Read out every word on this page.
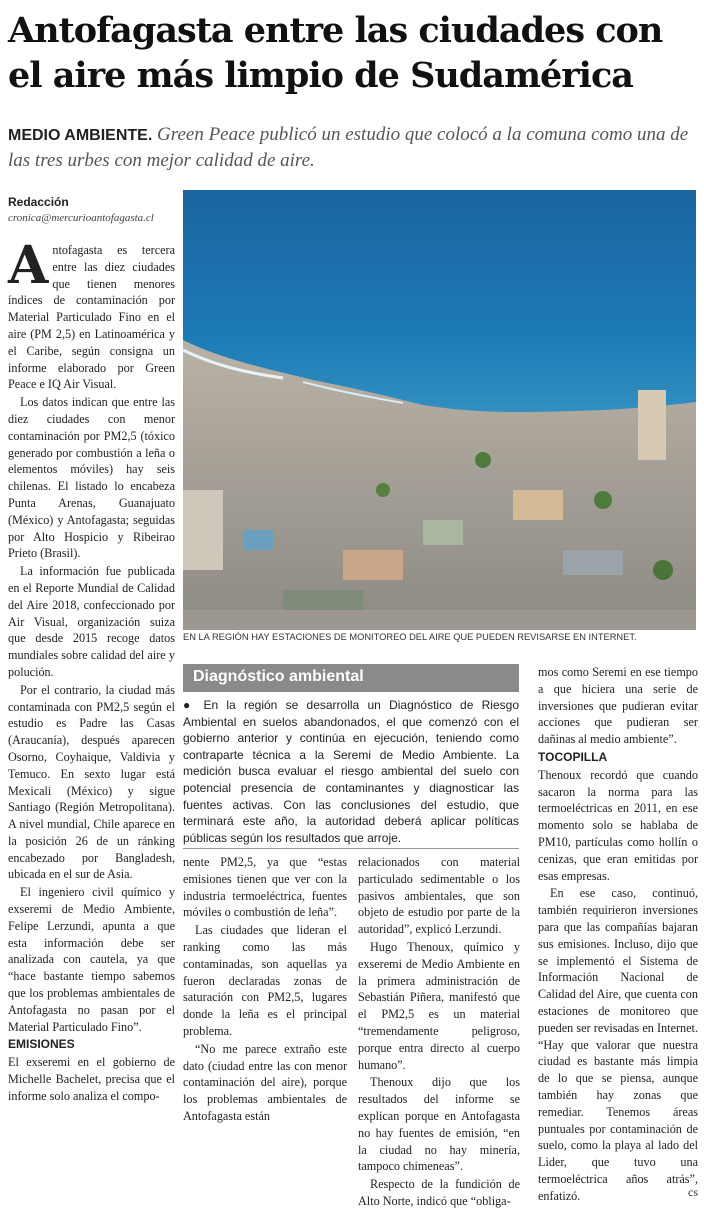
Antofagasta entre las ciudades con el aire más limpio de Sudamérica
MEDIO AMBIENTE. Green Peace publicó un estudio que colocó a la comuna como una de las tres urbes con mejor calidad de aire.
Redacción
cronica@mercurioantofagasta.cl

Antofagasta es tercera entre las diez ciudades que tienen menores índices de contaminación por Material Particulado Fino en el aire (PM 2,5) en Latinoamérica y el Caribe, según consigna un informe elaborado por Green Peace e IQ Air Visual.

Los datos indican que entre las diez ciudades con menor contaminación por PM2,5 (tóxico generado por combustión a leña o elementos móviles) hay seis chilenas. El listado lo encabeza Punta Arenas, Guanajuato (México) y Antofagasta; seguidas por Alto Hospicio y Ribeirao Prieto (Brasil).

La información fue publicada en el Reporte Mundial de Calidad del Aire 2018, confeccionado por Air Visual, organización suiza que desde 2015 recoge datos mundiales sobre calidad del aire y polución.

Por el contrario, la ciudad más contaminada con PM2,5 según el estudio es Padre las Casas (Araucanía), después aparecen Osorno, Coyhaique, Valdivia y Temuco. En sexto lugar está Mexicali (México) y sigue Santiago (Región Metropolitana). A nivel mundial, Chile aparece en la posición 26 de un ránking encabezado por Bangladesh, ubicada en el sur de Asia.

El ingeniero civil químico y exseremi de Medio Ambiente, Felipe Lerzundi, apunta a que esta información debe ser analizada con cautela, ya que “hace bastante tiempo sabemos que los problemas ambientales de Antofagasta no pasan por el Material Particulado Fino”.

EMISIONES

El exseremi en el gobierno de Michelle Bachelet, precisa que el informe solo analiza el compo-

EN LA REGIÓN HAY ESTACIONES DE MONITOREO DEL AIRE QUE PUEDEN REVISARSE EN INTERNET.
Diagnóstico ambiental
● En la región se desarrolla un Diagnóstico de Riesgo Ambiental en suelos abandonados, el que comenzó con el gobierno anterior y continúa en ejecución, teniendo como contraparte técnica a la Seremi de Medio Ambiente. La medición busca evaluar el riesgo ambiental del suelo con potencial presencia de contaminantes y diagnosticar las fuentes activas. Con las conclusiones del estudio, que terminará este año, la autoridad deberá aplicar políticas públicas según los resultados que arroje.

nente PM2,5, ya que “estas emisiones tienen que ver con la industria termoeléctrica, fuentes móviles o combustión de leña”.

Las ciudades que lideran el ranking como las más contaminadas, son aquellas ya fueron declaradas zonas de saturación con PM2,5, lugares donde la leña es el principal problema.

“No me parece extraño este dato (ciudad entre las con menor contaminación del aire), porque los problemas ambientales de Antofagasta están

relacionados con material particulado sedimentable o los pasivos ambientales, que son objeto de estudio por parte de la autoridad”, explicó Lerzundi.

Hugo Thenoux, químico y exseremi de Medio Ambiente en la primera administración de Sebastián Piñera, manifestó que el PM2,5 es un material “tremendamente peligroso, porque entra directo al cuerpo humano”.

Thenoux dijo que los resultados del informe se explican porque en Antofagasta no hay fuentes de emisión, “en la ciudad no hay minería, tampoco chimeneas”.

Respecto de la fundición de Alto Norte, indicó que “obliga-

mos como Seremi en ese tiempo a que hiciera una serie de inversiones que pudieran evitar acciones que pudieran ser dañinas al medio ambiente”.

TOCOPILLA

Thenoux recordó que cuando sacaron la norma para las termoeléctricas en 2011, en ese momento solo se hablaba de PM10, partículas como hollín o cenizas, que eran emitidas por esas empresas.

En ese caso, continuó, también requirieron inversiones para que las compañías bajaran sus emisiones. Incluso, dijo que se implementó el Sistema de Información Nacional de Calidad del Aire, que cuenta con estaciones de monitoreo que pueden ser revisadas en Internet. “Hay que valorar que nuestra ciudad es bastante más limpia de lo que se piensa, aunque también hay zonas que remediar. Tenemos áreas puntuales por contaminación de suelo, como la playa al lado del Lider, que tuvo una termoeléctrica años atrás”, enfatizó.	cs
